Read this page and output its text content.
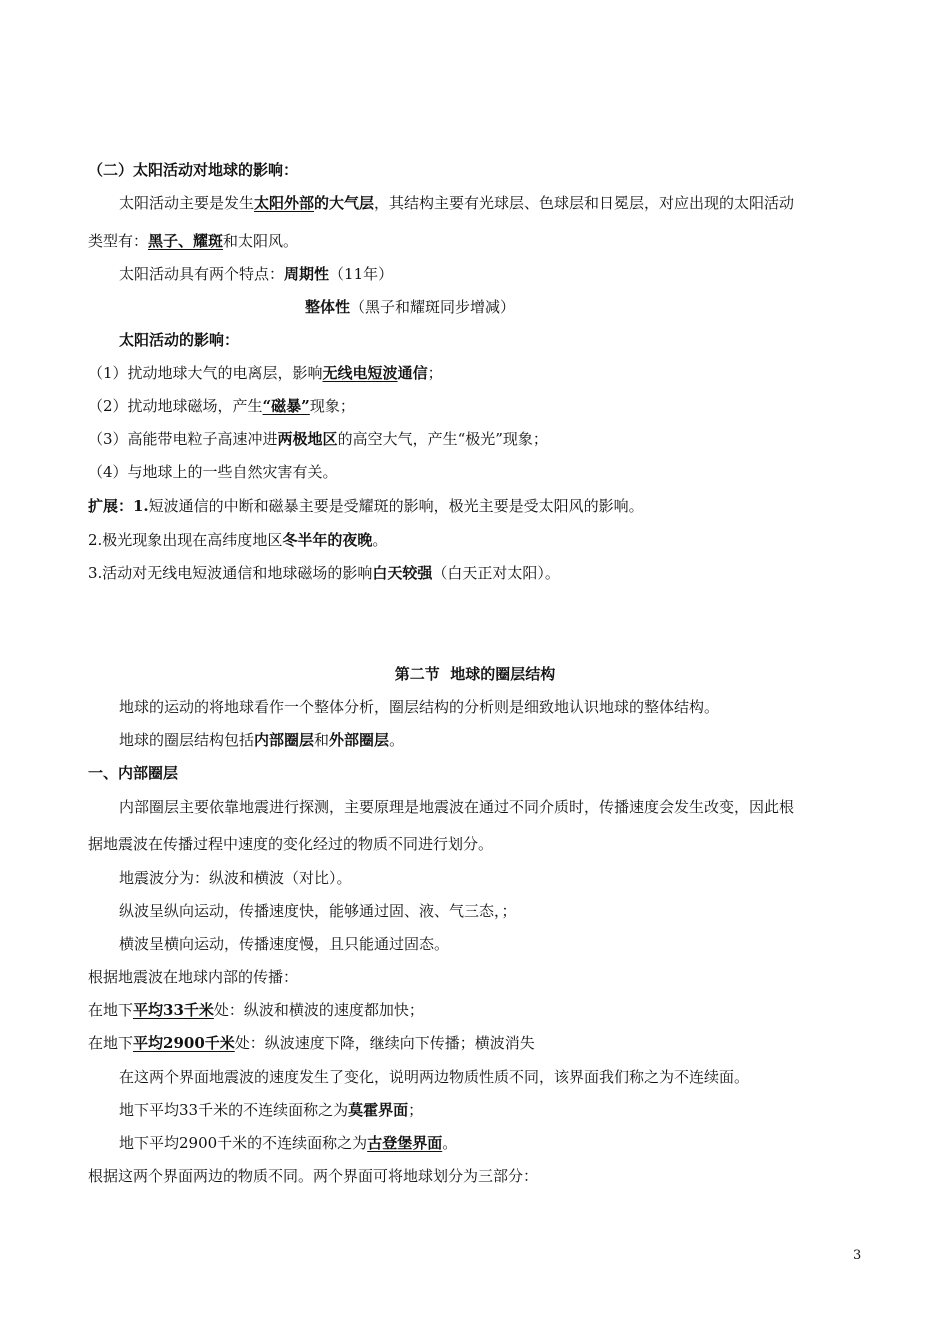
（二）太阳活动对地球的影响：
太阳活动主要是发生太阳外部的大气层，其结构主要有光球层、色球层和日冕层，对应出现的太阳活动
类型有：黑子、耀斑和太阳风。
太阳活动具有两个特点：周期性（11年）
整体性（黑子和耀斑同步增减）
太阳活动的影响：
（1）扰动地球大气的电离层，影响无线电短波通信；
（2）扰动地球磁场，产生“磁暴”现象；
（3）高能带电粒子高速冲进两极地区的高空大气，产生“极光”现象；
（4）与地球上的一些自然灾害有关。
扩展：1.短波通信的中断和磁暴主要是受耀斑的影响，极光主要是受太阳风的影响。
2.极光现象出现在高纬度地区冬半年的夜晚。
3.活动对无线电短波通信和地球磁场的影响白天较强（白天正对太阳）。
第二节  地球的圈层结构
地球的运动的将地球看作一个整体分析，圈层结构的分析则是细致地认识地球的整体结构。
地球的圈层结构包括内部圈层和外部圈层。
一、内部圈层
内部圈层主要依靠地震进行探测，主要原理是地震波在通过不同介质时，传播速度会发生改变，因此根
据地震波在传播过程中速度的变化经过的物质不同进行划分。
地震波分为：纵波和横波（对比）。
纵波呈纵向运动，传播速度快，能够通过固、液、气三态，；
横波呈横向运动，传播速度慢，且只能通过固态。
根据地震波在地球内部的传播：
在地下平均33千米处：纵波和横波的速度都加快；
在地下平均2900千米处：纵波速度下降，继续向下传播；横波消失
在这两个界面地震波的速度发生了变化，说明两边物质性质不同，该界面我们称之为不连续面。
地下平均33千米的不连续面称之为莫霍界面；
地下平均2900千米的不连续面称之为古登堡界面。
根据这两个界面两边的物质不同。两个界面可将地球划分为三部分：
3
